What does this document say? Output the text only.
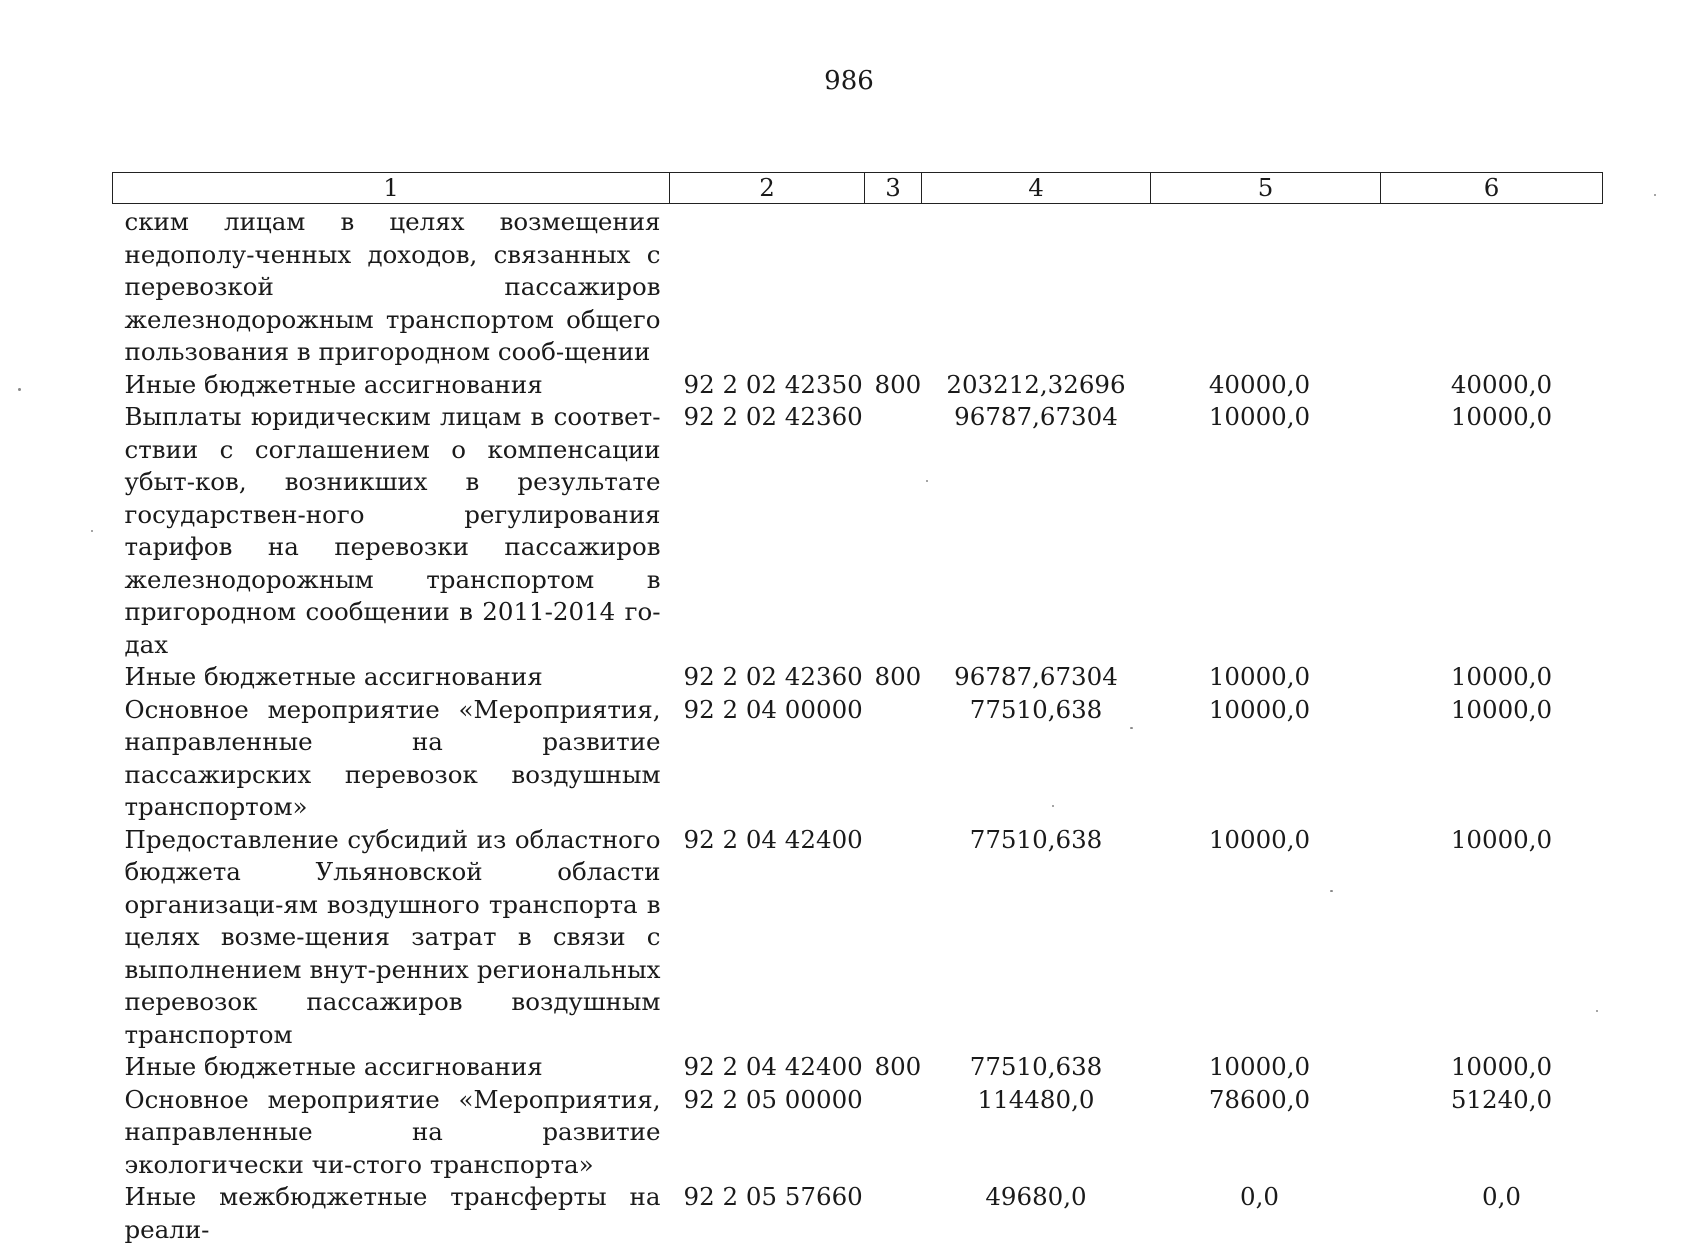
986
1	2	3	4	5	6
ским лицам в целях возмещения недополу-ченных доходов, связанных с перевозкой пассажиров железнодорожным транспортом общего пользования в пригородном сооб-щении					
Иные бюджетные ассигнования	92 2 02 42350	800	203212,32696	40000,0	40000,0
Выплаты юридическим лицам в соответ-ствии с соглашением о компенсации убыт-ков, возникших в результате государствен-ного регулирования тарифов на перевозки пассажиров железнодорожным транспортом в пригородном сообщении в 2011-2014 го-дах	92 2 02 42360		96787,67304	10000,0	10000,0
Иные бюджетные ассигнования	92 2 02 42360	800	96787,67304	10000,0	10000,0
Основное мероприятие «Мероприятия, направленные на развитие пассажирских перевозок воздушным транспортом»	92 2 04 00000		77510,638	10000,0	10000,0
Предоставление субсидий из областного бюджета Ульяновской области организаци-ям воздушного транспорта в целях возме-щения затрат в связи с выполнением внут-ренних региональных перевозок пассажиров воздушным транспортом	92 2 04 42400		77510,638	10000,0	10000,0
Иные бюджетные ассигнования	92 2 04 42400	800	77510,638	10000,0	10000,0
Основное мероприятие «Мероприятия, направленные на развитие экологически чи-стого транспорта»	92 2 05 00000		114480,0	78600,0	51240,0
Иные межбюджетные трансферты на реали-	92 2 05 57660		49680,0	0,0	0,0
